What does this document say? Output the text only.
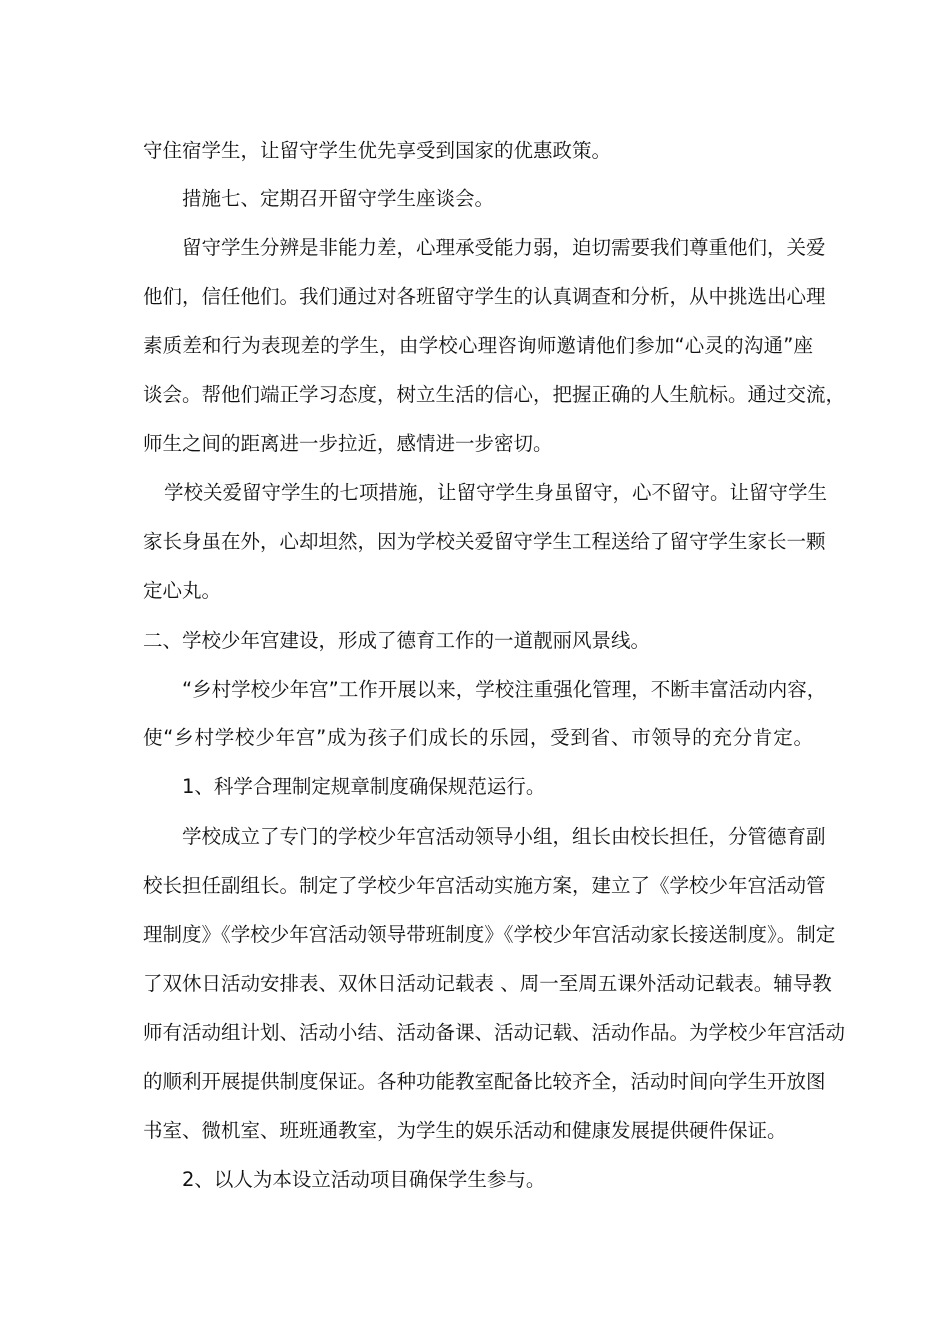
守住宿学生，让留守学生优先享受到国家的优惠政策。
措施七、定期召开留守学生座谈会。
留守学生分辨是非能力差，心理承受能力弱，迫切需要我们尊重他们，关爱
他们，信任他们。我们通过对各班留守学生的认真调查和分析，从中挑选出心理
素质差和行为表现差的学生，由学校心理咨询师邀请他们参加“心灵的沟通”座
谈会。帮他们端正学习态度，树立生活的信心，把握正确的人生航标。通过交流，
师生之间的距离进一步拉近，感情进一步密切。
学校关爱留守学生的七项措施，让留守学生身虽留守，心不留守。让留守学生
家长身虽在外，心却坦然，因为学校关爱留守学生工程送给了留守学生家长一颗
定心丸。
二、学校少年宫建设，形成了德育工作的一道靓丽风景线。
“乡村学校少年宫”工作开展以来，学校注重强化管理，不断丰富活动内容，
使“乡村学校少年宫”成为孩子们成长的乐园，受到省、市领导的充分肯定。
1、科学合理制定规章制度确保规范运行。
学校成立了专门的学校少年宫活动领导小组，组长由校长担任，分管德育副
校长担任副组长。制定了学校少年宫活动实施方案，建立了《学校少年宫活动管
理制度》《学校少年宫活动领导带班制度》《学校少年宫活动家长接送制度》。制定
了双休日活动安排表、双休日活动记载表 、周一至周五课外活动记载表。辅导教
师有活动组计划、活动小结、活动备课、活动记载、活动作品。为学校少年宫活动
的顺利开展提供制度保证。各种功能教室配备比较齐全，活动时间向学生开放图
书室、微机室、班班通教室，为学生的娱乐活动和健康发展提供硬件保证。
2、以人为本设立活动项目确保学生参与。
